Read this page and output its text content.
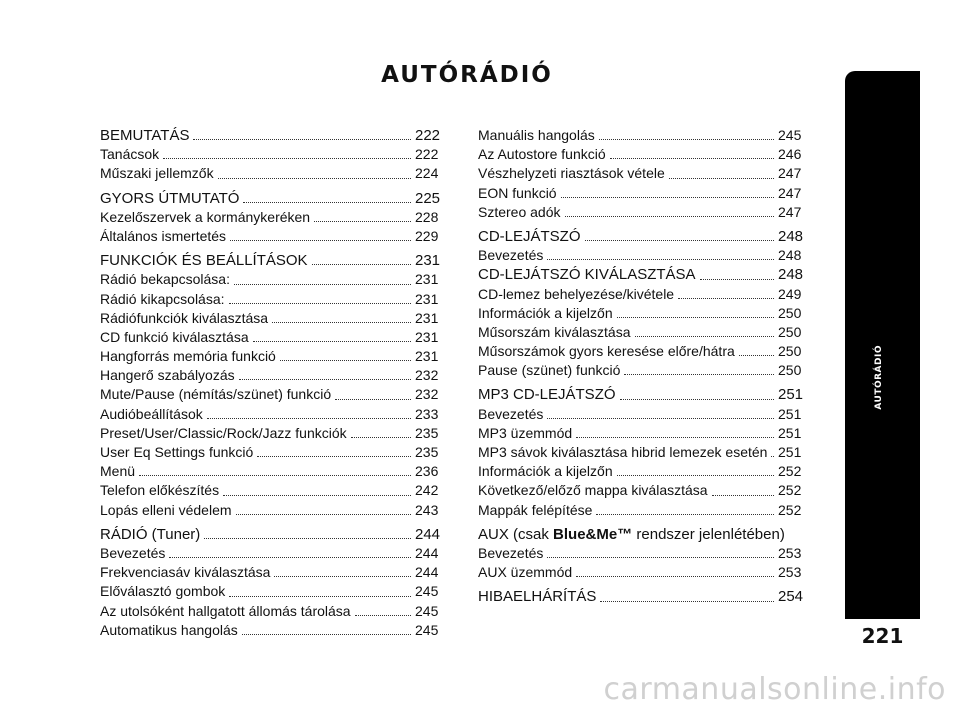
AUTÓRÁDIÓ
BEMUTATÁS	222
Tanácsok	222
Műszaki jellemzők	224
GYORS ÚTMUTATÓ	225
Kezelőszervek a kormánykeréken	228
Általános ismertetés	229
FUNKCIÓK ÉS BEÁLLÍTÁSOK	231
Rádió bekapcsolása:	231
Rádió kikapcsolása:	231
Rádiófunkciók kiválasztása	231
CD funkció kiválasztása	231
Hangforrás memória funkció	231
Hangerő szabályozás	232
Mute/Pause (némítás/szünet) funkció	232
Audióbeállítások	233
Preset/User/Classic/Rock/Jazz funkciók	235
User Eq Settings funkció	235
Menü	236
Telefon előkészítés	242
Lopás elleni védelem	243
RÁDIÓ (Tuner)	244
Bevezetés	244
Frekvenciasáv kiválasztása	244
Előválasztó gombok	245
Az utolsóként hallgatott állomás tárolása	245
Automatikus hangolás	245
Manuális hangolás	245
Az Autostore funkció	246
Vészhelyzeti riasztások vétele	247
EON funkció	247
Sztereo adók	247
CD-LEJÁTSZÓ	248
Bevezetés	248
CD-LEJÁTSZÓ KIVÁLASZTÁSA	248
CD-lemez behelyezése/kivétele	249
Információk a kijelzőn	250
Műsorszám kiválasztása	250
Műsorszámok gyors keresése előre/hátra	250
Pause (szünet) funkció	250
MP3 CD-LEJÁTSZÓ	251
Bevezetés	251
MP3 üzemmód	251
MP3 sávok kiválasztása hibrid lemezek esetén 251
Információk a kijelzőn	252
Következő/előző mappa kiválasztása	252
Mappák felépítése	252
AUX (csak Blue&Me™ rendszer jelenlétében)
Bevezetés	253
AUX üzemmód	253
HIBAELHÁRÍTÁS	254
AUTÓRÁDIÓ
221
carmanualsonline.info
